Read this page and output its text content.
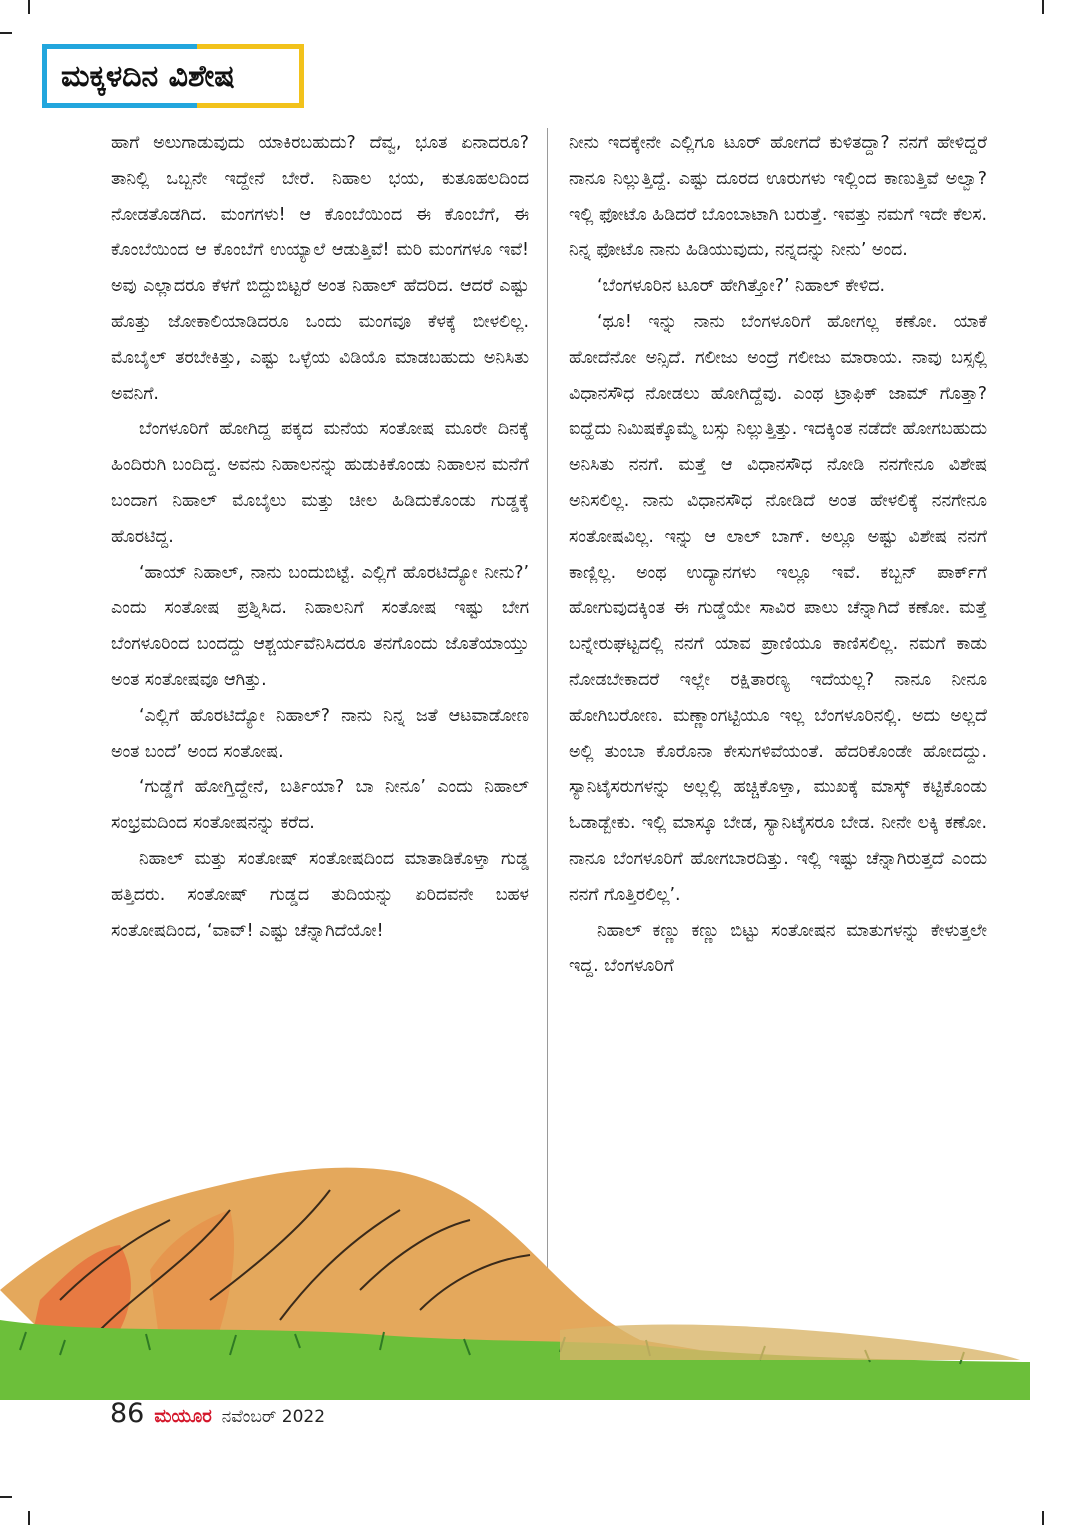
ಮಕ್ಕಳದಿನ ವಿಶೇಷ

ಹಾಗೆ ಅಲುಗಾಡುವುದು ಯಾಕಿರಬಹುದು? ದೆವ್ವ, ಭೂತ ಏನಾದರೂ? ತಾನಿಲ್ಲಿ ಒಬ್ಬನೇ ಇದ್ದೇನೆ ಬೇರೆ. ನಿಹಾಲ ಭಯ, ಕುತೂಹಲದಿಂದ ನೋಡತೊಡಗಿದ. ಮಂಗಗಳು! ಆ ಕೊಂಬೆಯಿಂದ ಈ ಕೊಂಬೆಗೆ, ಈ ಕೊಂಬೆಯಿಂದ ಆ ಕೊಂಬೆಗೆ ಉಯ್ಯಾಲೆ ಆಡುತ್ತಿವೆ! ಮರಿ ಮಂಗಗಳೂ ಇವೆ! ಅವು ಎಲ್ಲಾದರೂ ಕೆಳಗೆ ಬಿದ್ದುಬಿಟ್ಟರೆ ಅಂತ ನಿಹಾಲ್ ಹೆದರಿದ. ಆದರೆ ಎಷ್ಟು ಹೊತ್ತು ಜೋಕಾಲಿಯಾಡಿದರೂ ಒಂದು ಮಂಗವೂ ಕೆಳಕ್ಕೆ ಬೀಳಲಿಲ್ಲ. ಮೊಬೈಲ್ ತರಬೇಕಿತ್ತು, ಎಷ್ಟು ಒಳ್ಳೆಯ ವಿಡಿಯೊ ಮಾಡಬಹುದು ಅನಿಸಿತು ಅವನಿಗೆ.

ಬೆಂಗಳೂರಿಗೆ ಹೋಗಿದ್ದ ಪಕ್ಕದ ಮನೆಯ ಸಂತೋಷ ಮೂರೇ ದಿನಕ್ಕೆ ಹಿಂದಿರುಗಿ ಬಂದಿದ್ದ. ಅವನು ನಿಹಾಲನನ್ನು ಹುಡುಕಿಕೊಂಡು ನಿಹಾಲನ ಮನೆಗೆ ಬಂದಾಗ ನಿಹಾಲ್ ಮೊಬೈಲು ಮತ್ತು ಚೀಲ ಹಿಡಿದುಕೊಂಡು ಗುಡ್ಡಕ್ಕೆ ಹೊರಟಿದ್ದ.

‘ಹಾಯ್ ನಿಹಾಲ್, ನಾನು ಬಂದುಬಿಟ್ಟೆ. ಎಲ್ಲಿಗೆ ಹೊರಟಿದ್ಯೋ ನೀನು?’ ಎಂದು ಸಂತೋಷ ಪ್ರಶ್ನಿಸಿದ. ನಿಹಾಲನಿಗೆ ಸಂತೋಷ ಇಷ್ಟು ಬೇಗ ಬೆಂಗಳೂರಿಂದ ಬಂದದ್ದು ಆಶ್ಚರ್ಯವೆನಿಸಿದರೂ ತನಗೊಂದು ಜೊತೆಯಾಯ್ತು ಅಂತ ಸಂತೋಷವೂ ಆಗಿತ್ತು.

‘ಎಲ್ಲಿಗೆ ಹೊರಟಿದ್ಯೋ ನಿಹಾಲ್? ನಾನು ನಿನ್ನ ಜತೆ ಆಟವಾಡೋಣ ಅಂತ ಬಂದೆ’ ಅಂದ ಸಂತೋಷ.

‘ಗುಡ್ಡೆಗೆ ಹೋಗ್ತಿದ್ದೇನೆ, ಬರ್ತಿಯಾ? ಬಾ ನೀನೂ’ ಎಂದು ನಿಹಾಲ್ ಸಂಭ್ರಮದಿಂದ ಸಂತೋಷನನ್ನು ಕರೆದ.

ನಿಹಾಲ್ ಮತ್ತು ಸಂತೋಷ್ ಸಂತೋಷದಿಂದ ಮಾತಾಡಿಕೊಳ್ತಾ ಗುಡ್ಡ ಹತ್ತಿದರು. ಸಂತೋಷ್ ಗುಡ್ಡದ ತುದಿಯನ್ನು ಏರಿದವನೇ ಬಹಳ ಸಂತೋಷದಿಂದ, ‘ವಾವ್! ಎಷ್ಟು ಚೆನ್ನಾಗಿದೆಯೋ!

ನೀನು ಇದಕ್ಕೇನೇ ಎಲ್ಲಿಗೂ ಟೂರ್ ಹೋಗದೆ ಕುಳಿತದ್ದಾ? ನನಗೆ ಹೇಳಿದ್ದರೆ ನಾನೂ ನಿಲ್ಲುತ್ತಿದ್ದೆ. ಎಷ್ಟು ದೂರದ ಊರುಗಳು ಇಲ್ಲಿಂದ ಕಾಣುತ್ತಿವೆ ಅಲ್ವಾ? ಇಲ್ಲಿ ಫೋಟೊ ಹಿಡಿದರೆ ಬೊಂಬಾಟಾಗಿ ಬರುತ್ತೆ. ಇವತ್ತು ನಮಗೆ ಇದೇ ಕೆಲಸ. ನಿನ್ನ ಫೋಟೊ ನಾನು ಹಿಡಿಯುವುದು, ನನ್ನದನ್ನು ನೀನು’ ಅಂದ.

‘ಬೆಂಗಳೂರಿನ ಟೂರ್ ಹೇಗಿತ್ತೋ?’ ನಿಹಾಲ್ ಕೇಳಿದ.

‘ಥೂ! ಇನ್ನು ನಾನು ಬೆಂಗಳೂರಿಗೆ ಹೋಗಲ್ಲ ಕಣೋ. ಯಾಕೆ ಹೋದೆನೋ ಅನ್ಸಿದೆ. ಗಲೀಜು ಅಂದ್ರೆ ಗಲೀಜು ಮಾರಾಯ. ನಾವು ಬಸ್ಸಲ್ಲಿ ವಿಧಾನಸೌಧ ನೋಡಲು ಹೋಗಿದ್ದೆವು. ಎಂಥ ಟ್ರಾಫಿಕ್ ಜಾಮ್ ಗೊತ್ತಾ? ಐದ್ಹೆದು ನಿಮಿಷಕ್ಕೊಮ್ಮೆ ಬಸ್ಸು ನಿಲ್ಲುತ್ತಿತ್ತು. ಇದಕ್ಕಿಂತ ನಡೆದೇ ಹೋಗಬಹುದು ಅನಿಸಿತು ನನಗೆ. ಮತ್ತೆ ಆ ವಿಧಾನಸೌಧ ನೋಡಿ ನನಗೇನೂ ವಿಶೇಷ ಅನಿಸಲಿಲ್ಲ. ನಾನು ವಿಧಾನಸೌಧ ನೋಡಿದೆ ಅಂತ ಹೇಳಲಿಕ್ಕೆ ನನಗೇನೂ ಸಂತೋಷವಿಲ್ಲ. ಇನ್ನು ಆ ಲಾಲ್ ಬಾಗ್. ಅಲ್ಲೂ ಅಷ್ಟು ವಿಶೇಷ ನನಗೆ ಕಾಣ್ಲಿಲ್ಲ. ಅಂಥ ಉದ್ಯಾನಗಳು ಇಲ್ಲೂ ಇವೆ. ಕಬ್ಬನ್ ಪಾರ್ಕ್‌ಗೆ ಹೋಗುವುದಕ್ಕಿಂತ ಈ ಗುಡ್ಡೆಯೇ ಸಾವಿರ ಪಾಲು ಚೆನ್ನಾಗಿದೆ ಕಣೋ. ಮತ್ತೆ ಬನ್ನೇರುಘಟ್ಟದಲ್ಲಿ ನನಗೆ ಯಾವ ಪ್ರಾಣಿಯೂ ಕಾಣಿಸಲಿಲ್ಲ. ನಮಗೆ ಕಾಡು ನೋಡಬೇಕಾದರೆ ಇಲ್ಲೇ ರಕ್ಷಿತಾರಣ್ಯ ಇದೆಯಲ್ಲ? ನಾನೂ ನೀನೂ ಹೋಗಿಬರೋಣ. ಮಣ್ಣಾಂಗಟ್ಟಿಯೂ ಇಲ್ಲ ಬೆಂಗಳೂರಿನಲ್ಲಿ. ಅದು ಅಲ್ಲದೆ ಅಲ್ಲಿ ತುಂಬಾ ಕೊರೊನಾ ಕೇಸುಗಳಿವೆಯಂತೆ. ಹೆದರಿಕೊಂಡೇ ಹೋದದ್ದು. ಸ್ಯಾನಿಟೈಸರುಗಳನ್ನು ಅಲ್ಲಲ್ಲಿ ಹಚ್ಚಿಕೊಳ್ತಾ, ಮುಖಕ್ಕೆ ಮಾಸ್ಕ್ ಕಟ್ಟಿಕೊಂಡು ಓಡಾಡ್ಬೇಕು. ಇಲ್ಲಿ ಮಾಸ್ಕೂ ಬೇಡ, ಸ್ಯಾನಿಟೈಸರೂ ಬೇಡ. ನೀನೇ ಲಕ್ಕಿ ಕಣೋ. ನಾನೂ ಬೆಂಗಳೂರಿಗೆ ಹೋಗಬಾರದಿತ್ತು. ಇಲ್ಲಿ ಇಷ್ಟು ಚೆನ್ನಾಗಿರುತ್ತದೆ ಎಂದು ನನಗೆ ಗೊತ್ತಿರಲಿಲ್ಲ’.

ನಿಹಾಲ್ ಕಣ್ಣು ಕಣ್ಣು ಬಿಟ್ಟು ಸಂತೋಷನ ಮಾತುಗಳನ್ನು ಕೇಳುತ್ತಲೇ ಇದ್ದ. ಬೆಂಗಳೂರಿಗೆ

86 ಮಯೂರ ನವೆಂಬರ್ 2022
